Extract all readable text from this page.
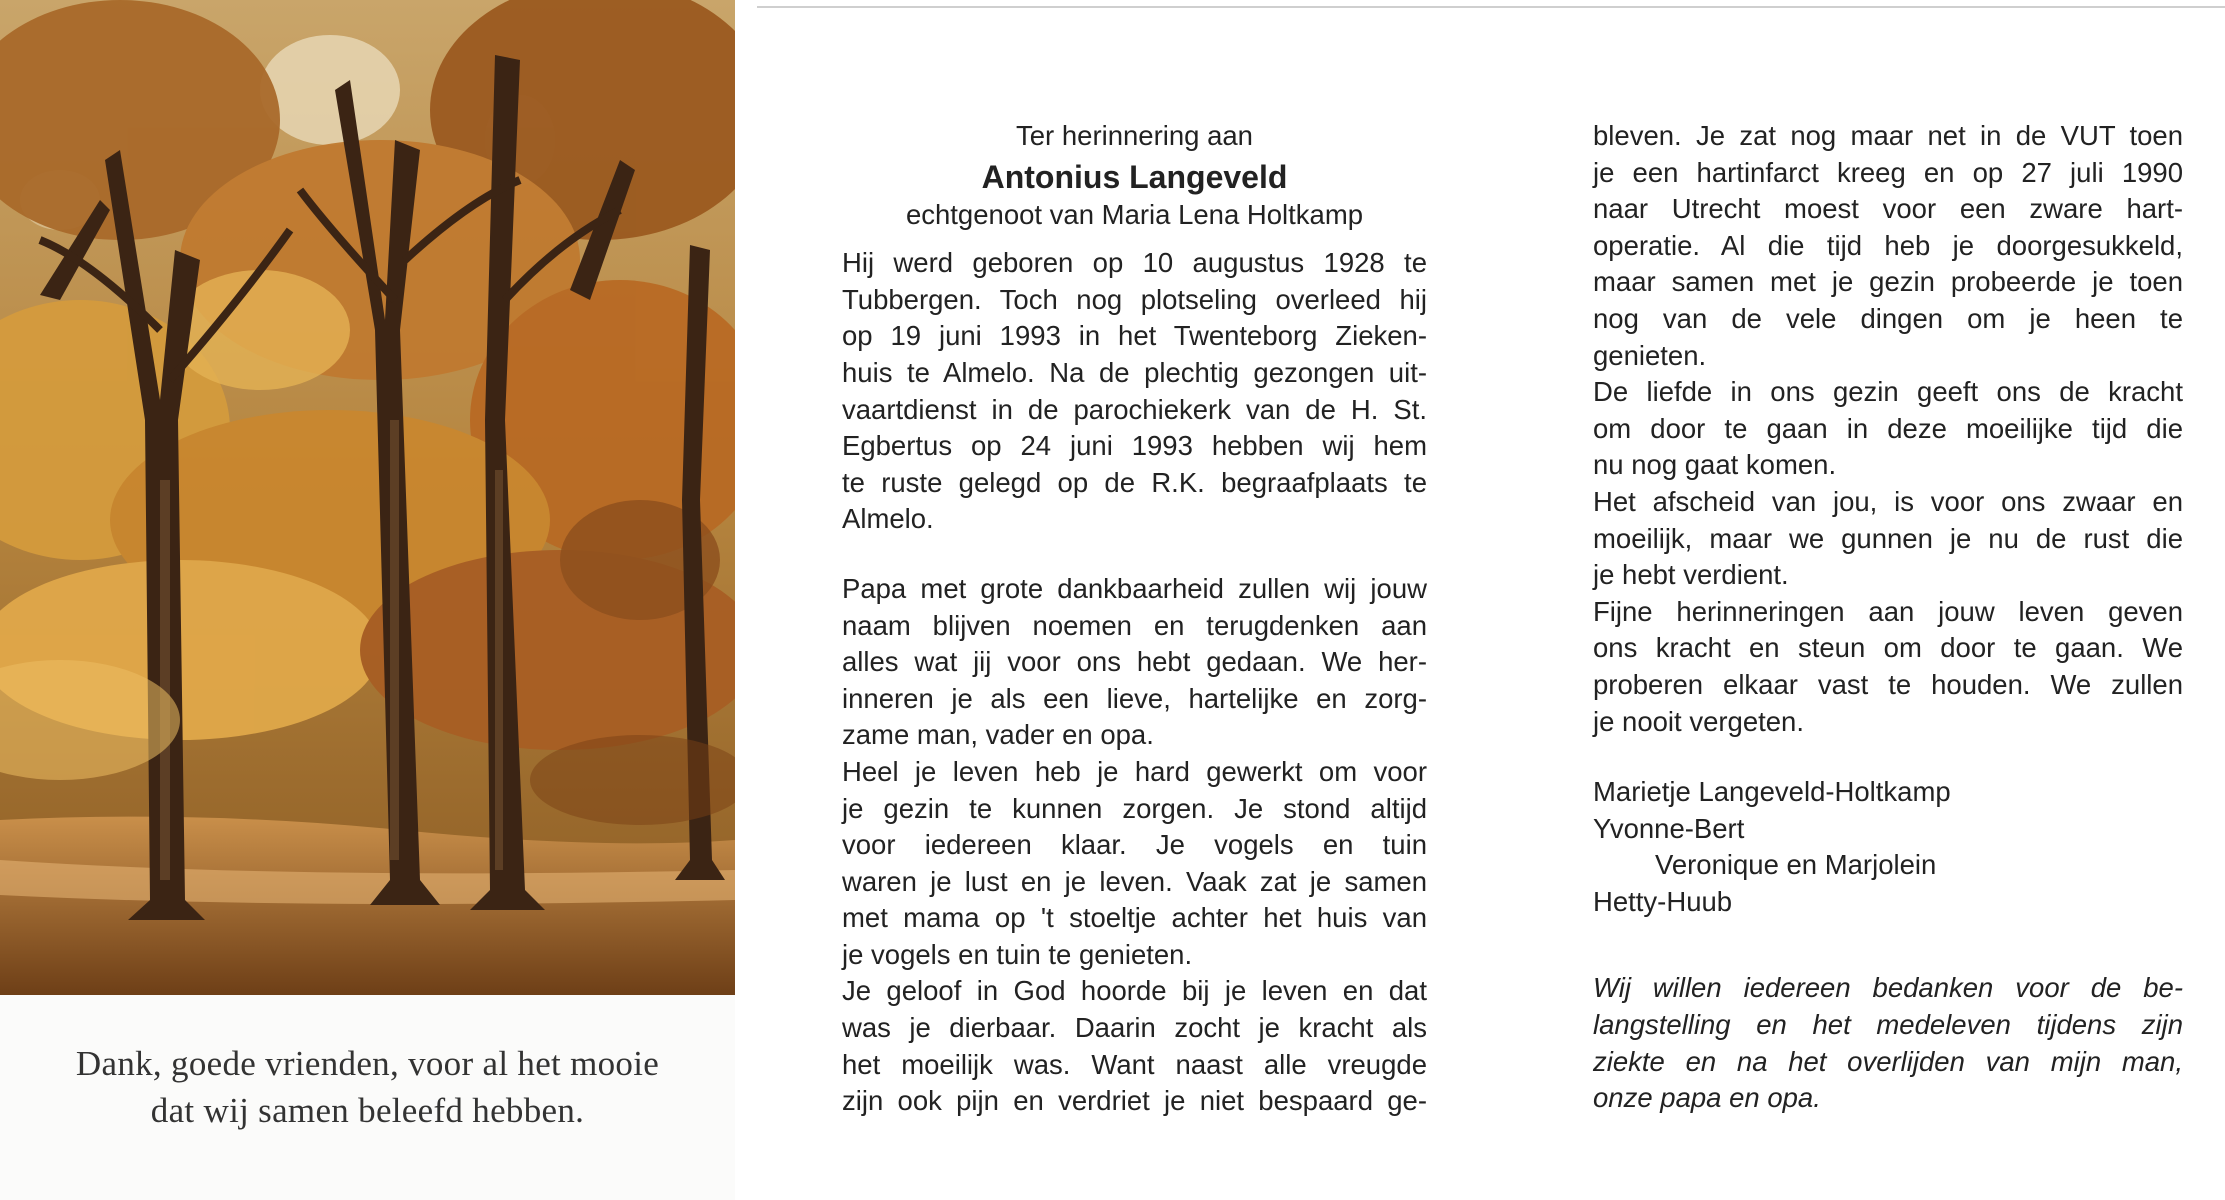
Dank, goede vrienden, voor al het mooie
dat wij samen beleefd hebben.
Ter herinnering aan
Antonius Langeveld
echtgenoot van Maria Lena Holtkamp
Hij werd geboren op 10 augustus 1928 te
Tubbergen. Toch nog plotseling overleed hij
op 19 juni 1993 in het Twenteborg Zieken-
huis te Almelo. Na de plechtig gezongen uit-
vaartdienst in de parochiekerk van de H. St.
Egbertus op 24 juni 1993 hebben wij hem
te ruste gelegd op de R.K. begraafplaats te
Almelo.
Papa met grote dankbaarheid zullen wij jouw
naam blijven noemen en terugdenken aan
alles wat jij voor ons hebt gedaan. We her-
inneren je als een lieve, hartelijke en zorg-
zame man, vader en opa.
Heel je leven heb je hard gewerkt om voor
je gezin te kunnen zorgen. Je stond altijd
voor iedereen klaar. Je vogels en tuin
waren je lust en je leven. Vaak zat je samen
met mama op 't stoeltje achter het huis van
je vogels en tuin te genieten.
Je geloof in God hoorde bij je leven en dat
was je dierbaar. Daarin zocht je kracht als
het moeilijk was. Want naast alle vreugde
zijn ook pijn en verdriet je niet bespaard ge-
bleven. Je zat nog maar net in de VUT toen
je een hartinfarct kreeg en op 27 juli 1990
naar Utrecht moest voor een zware hart-
operatie. Al die tijd heb je doorgesukkeld,
maar samen met je gezin probeerde je toen
nog van de vele dingen om je heen te
genieten.
De liefde in ons gezin geeft ons de kracht
om door te gaan in deze moeilijke tijd die
nu nog gaat komen.
Het afscheid van jou, is voor ons zwaar en
moeilijk, maar we gunnen je nu de rust die
je hebt verdient.
Fijne herinneringen aan jouw leven geven
ons kracht en steun om door te gaan. We
proberen elkaar vast te houden. We zullen
je nooit vergeten.
Marietje Langeveld-Holtkamp
Yvonne-Bert
Veronique en Marjolein
Hetty-Huub
Wij willen iedereen bedanken voor de be-
langstelling en het medeleven tijdens zijn
ziekte en na het overlijden van mijn man,
onze papa en opa.
